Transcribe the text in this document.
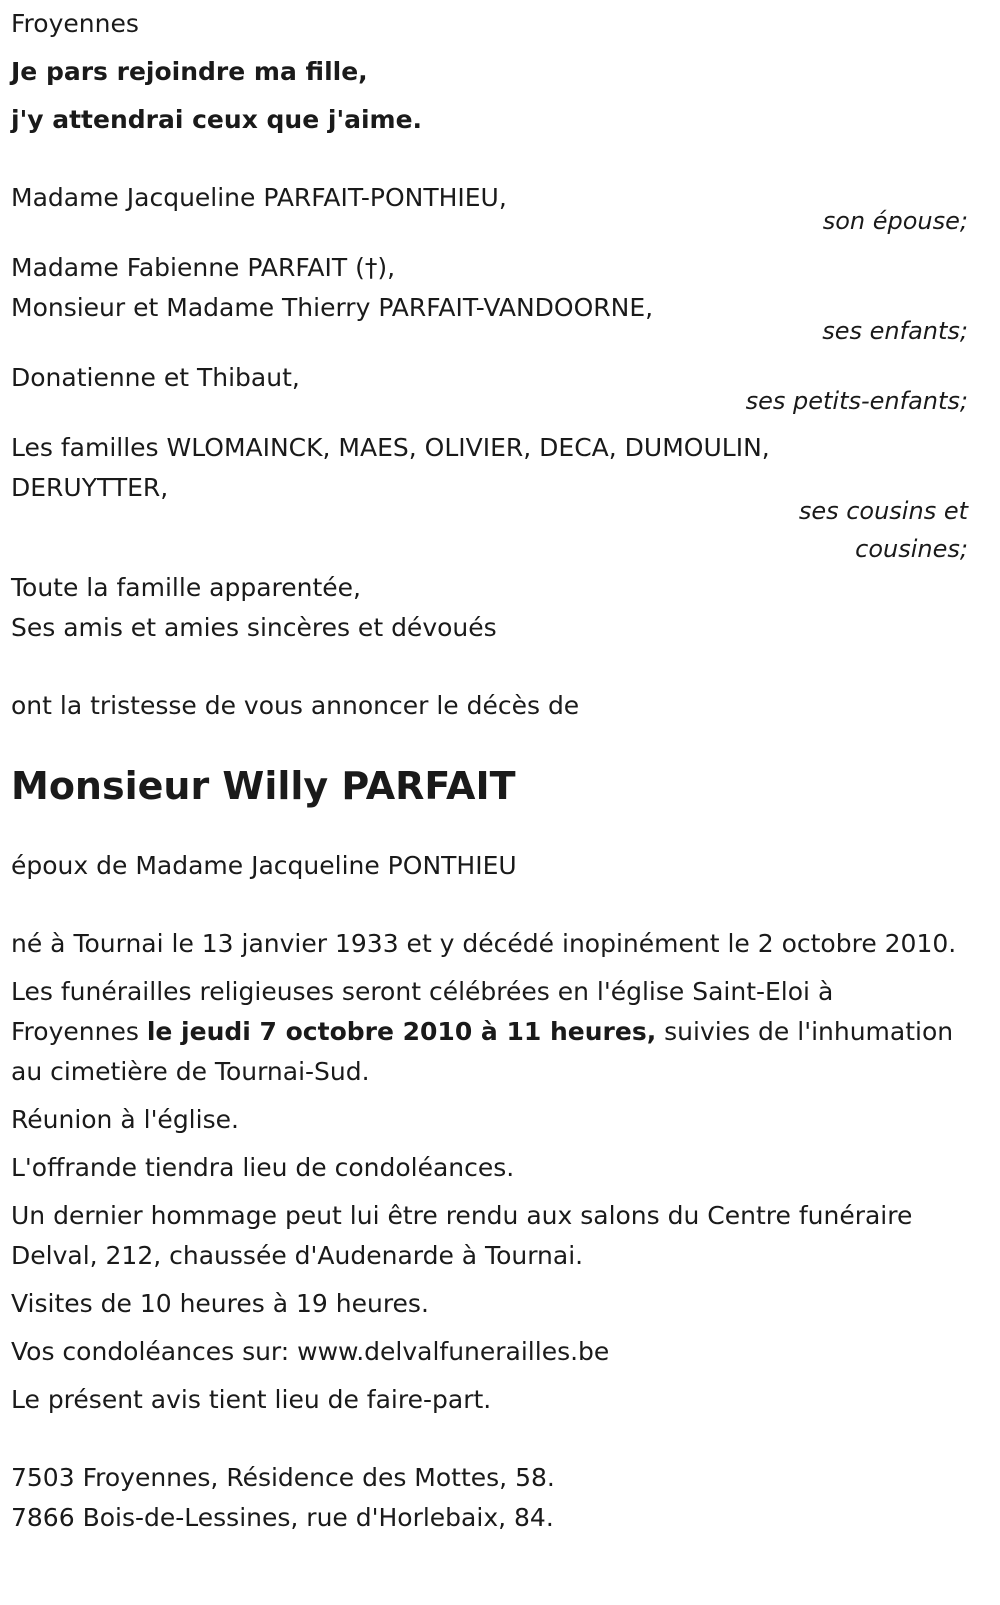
Froyennes
Je pars rejoindre ma fille,
j'y attendrai ceux que j'aime.
Madame Jacqueline PARFAIT-PONTHIEU,
son épouse;
Madame Fabienne PARFAIT (†),
Monsieur et Madame Thierry PARFAIT-VANDOORNE,
ses enfants;
Donatienne et Thibaut,
ses petits-enfants;
Les familles WLOMAINCK, MAES, OLIVIER, DECA, DUMOULIN,
DERUYTTER,
ses cousins et
cousines;
Toute la famille apparentée,
Ses amis et amies sincères et dévoués
ont la tristesse de vous annoncer le décès de
Monsieur Willy PARFAIT
époux de Madame Jacqueline PONTHIEU

né à Tournai le 13 janvier 1933 et y décédé inopinément le 2 octobre 2010.

Les funérailles religieuses seront célébrées en l'église Saint-Eloi à Froyennes le jeudi 7 octobre 2010 à 11 heures, suivies de l'inhumation au cimetière de Tournai-Sud.

Réunion à l'église.

L'offrande tiendra lieu de condoléances.

Un dernier hommage peut lui être rendu aux salons du Centre funéraire Delval, 212, chaussée d'Audenarde à Tournai.

Visites de 10 heures à 19 heures.

Vos condoléances sur: www.delvalfunerailles.be

Le présent avis tient lieu de faire-part.

7503 Froyennes, Résidence des Mottes, 58.
7866 Bois-de-Lessines, rue d'Horlebaix, 84.
